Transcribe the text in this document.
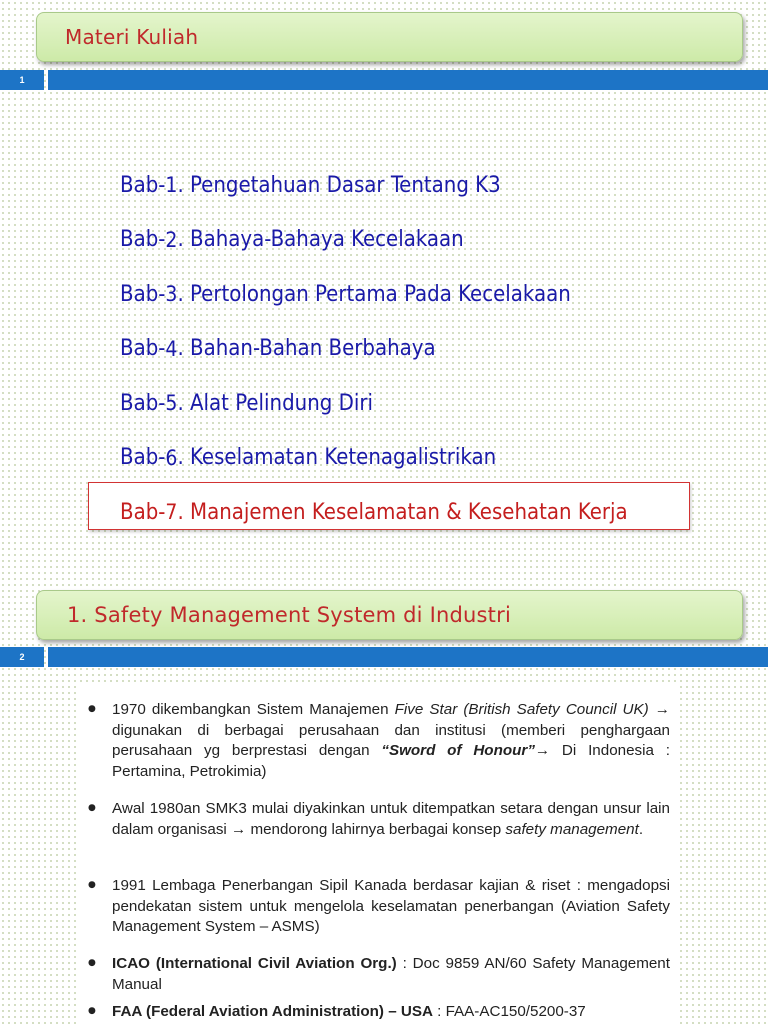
Materi Kuliah
1
Bab- 1 . Pengetahuan Dasar Tentang K3
Bab- 2 . Bahaya-Bahaya Kecelakaan
Bab- 3 . Pertolongan Pertama Pada Kecelakaan
Bab- 4 . Bahan-Bahan Berbahaya
Bab- 5 . Alat Pelindung Diri
Bab- 6 . Keselamatan Ketenagalistrikan
Bab- 7 . Manajemen Keselamatan & Kesehatan Kerja
1. Safety Management System di Industri
2
● 1970 dikembangkan Sistem Manajemen Five Star (British Safety Council UK) → digunakan di berbagai perusahaan dan institusi (memberi penghargaan perusahaan yg berprestasi dengan “Sword of Honour”→ Di Indonesia : Pertamina, Petrokimia)
● Awal 1980an SMK3 mulai diyakinkan untuk ditempatkan setara dengan unsur lain dalam organisasi → mendorong lahirnya berbagai konsep safety management.
● 1991 Lembaga Penerbangan Sipil Kanada berdasar kajian & riset : mengadopsi pendekatan sistem untuk mengelola keselamatan penerbangan (Aviation Safety Management System – ASMS)
● ICAO (International Civil Aviation Org.) : Doc 9859 AN/60 Safety Management Manual
● FAA (Federal Aviation Administration) – USA : FAA-AC150/5200-37
